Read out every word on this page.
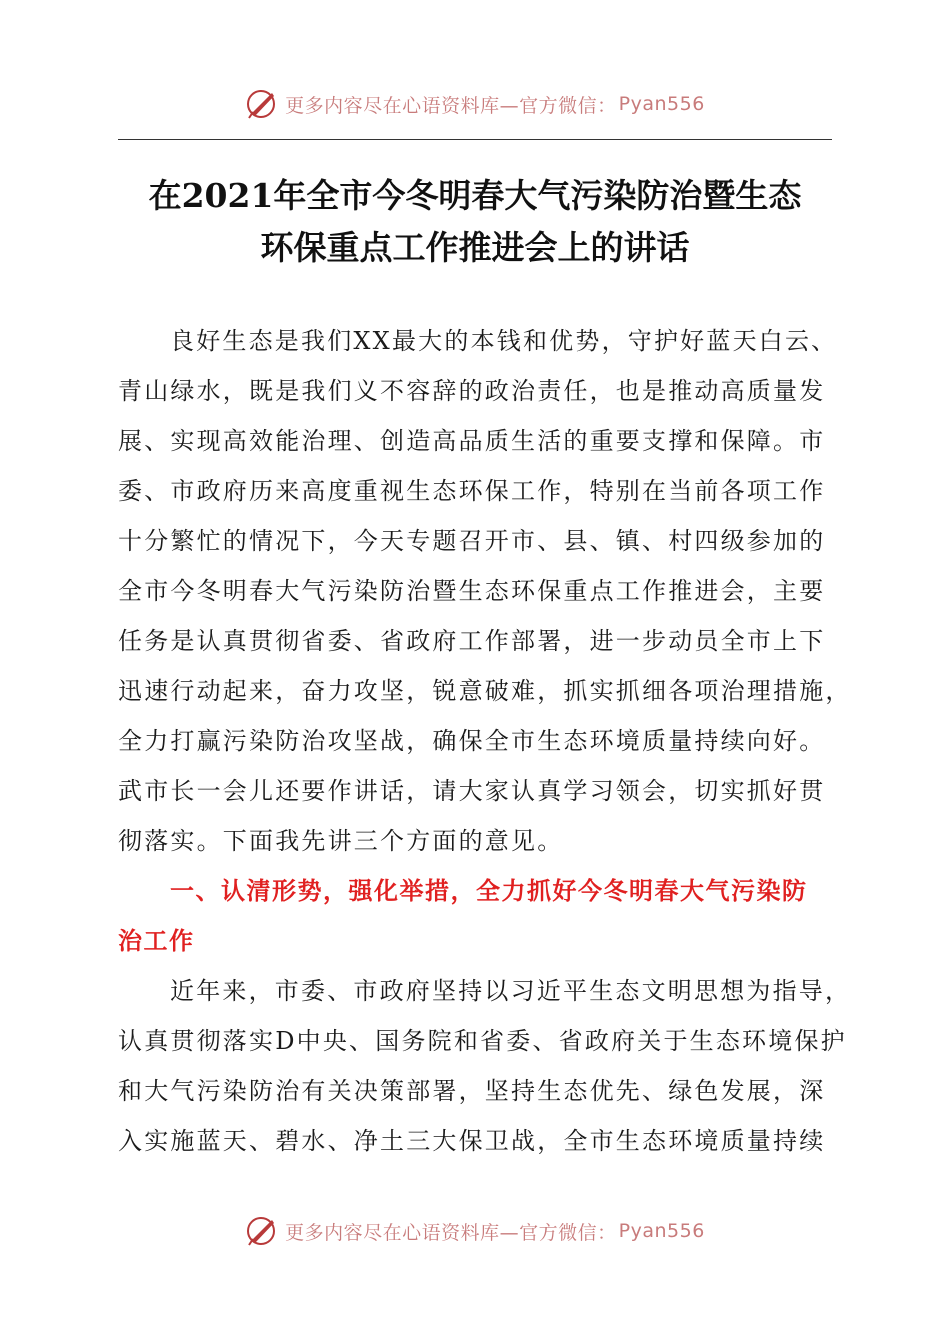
更多内容尽在心语资料库—官方微信： Pyan556
在2021年全市今冬明春大气污染防治暨生态
环保重点工作推进会上的讲话
良好生态是我们XX最大的本钱和优势，守护好蓝天白云、
青山绿水，既是我们义不容辞的政治责任，也是推动高质量发
展、实现高效能治理、创造高品质生活的重要支撑和保障。市
委、市政府历来高度重视生态环保工作，特别在当前各项工作
十分繁忙的情况下，今天专题召开市、县、镇、村四级参加的
全市今冬明春大气污染防治暨生态环保重点工作推进会，主要
任务是认真贯彻省委、省政府工作部署，进一步动员全市上下
迅速行动起来，奋力攻坚，锐意破难，抓实抓细各项治理措施，
全力打赢污染防治攻坚战，确保全市生态环境质量持续向好。
武市长一会儿还要作讲话，请大家认真学习领会，切实抓好贯
彻落实。下面我先讲三个方面的意见。
一、认清形势，强化举措，全力抓好今冬明春大气污染防
治工作
近年来，市委、市政府坚持以习近平生态文明思想为指导，
认真贯彻落实D中央、国务院和省委、省政府关于生态环境保护
和大气污染防治有关决策部署，坚持生态优先、绿色发展，深
入实施蓝天、碧水、净土三大保卫战，全市生态环境质量持续
更多内容尽在心语资料库—官方微信： Pyan556
